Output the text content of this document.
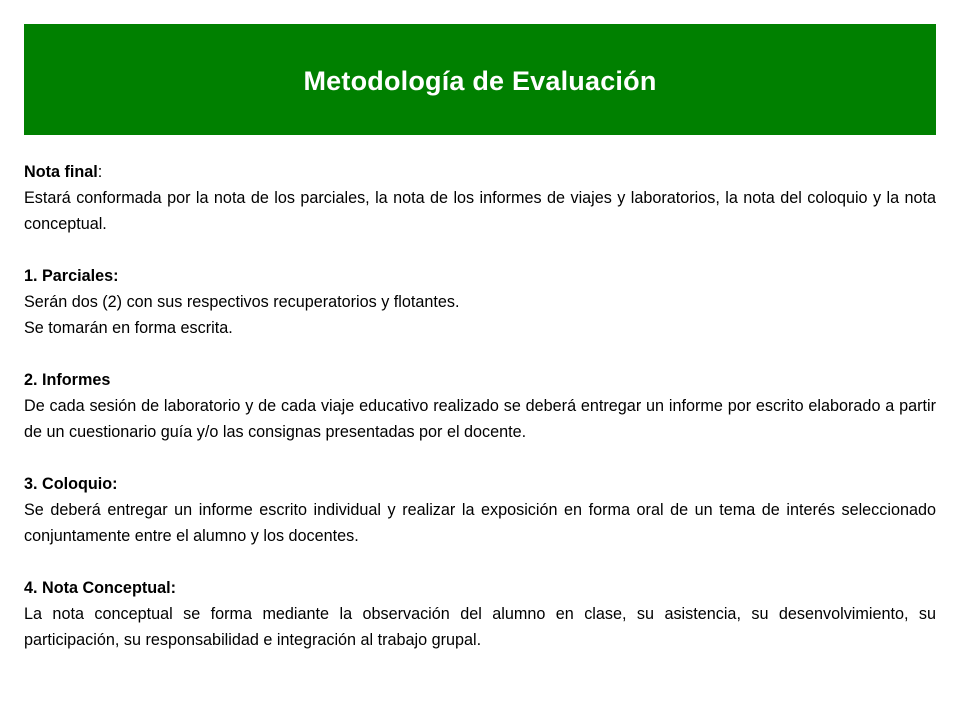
Metodología de Evaluación

Nota final:

Estará conformada por la nota de los parciales, la nota de los informes de viajes y laboratorios, la nota del coloquio y la nota conceptual.

1. Parciales:

Serán dos (2) con sus respectivos recuperatorios y flotantes.

Se tomarán en forma escrita.

2. Informes

De cada sesión de laboratorio y de cada viaje educativo realizado se deberá entregar un informe por escrito elaborado a partir de un cuestionario guía y/o las consignas presentadas por el docente.

3. Coloquio:

Se deberá entregar un informe escrito individual y realizar la exposición en forma oral de un tema de interés seleccionado conjuntamente entre el alumno y los docentes.

4. Nota Conceptual:

La nota conceptual se forma mediante la observación del alumno en clase, su asistencia, su desenvolvimiento, su participación, su responsabilidad e integración al trabajo grupal.
